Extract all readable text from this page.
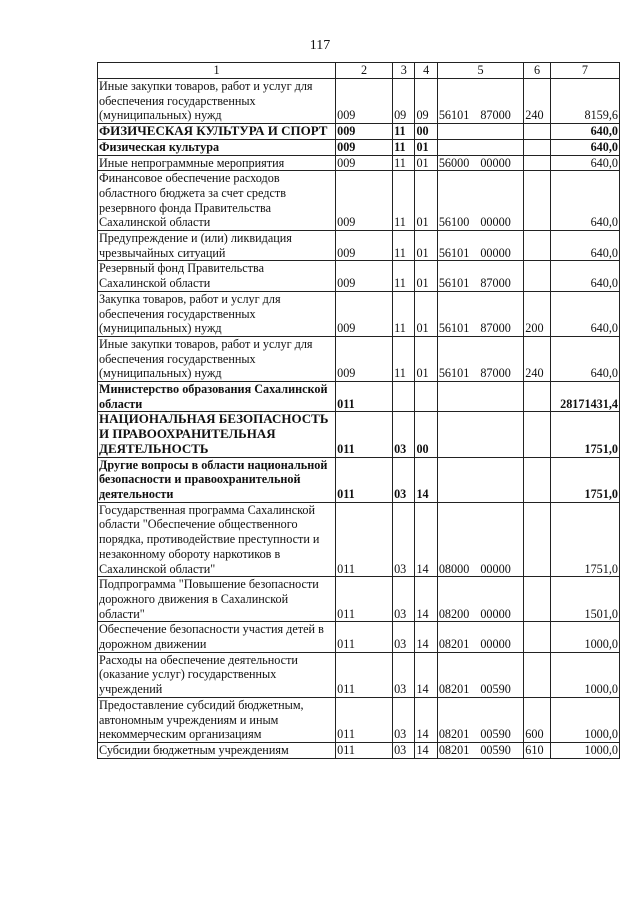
117
1	2	3	4	5	6	7
Иные закупки товаров, работ и услуг для обеспечения государственных (муниципальных) нужд	009	09	09	56101 87000	240	8159,6
ФИЗИЧЕСКАЯ КУЛЬТУРА И СПОРТ	009	11	00			640,0
Физическая культура	009	11	01			640,0
Иные непрограммные мероприятия	009	11	01	56000 00000		640,0
Финансовое обеспечение расходов областного бюджета за счет средств резервного фонда Правительства Сахалинской области	009	11	01	56100 00000		640,0
Предупреждение и (или) ликвидация чрезвычайных ситуаций	009	11	01	56101 00000		640,0
Резервный фонд Правительства Сахалинской области	009	11	01	56101 87000		640,0
Закупка товаров, работ и услуг для обеспечения государственных (муниципальных) нужд	009	11	01	56101 87000	200	640,0
Иные закупки товаров, работ и услуг для обеспечения государственных (муниципальных) нужд	009	11	01	56101 87000	240	640,0
Министерство образования Сахалинской области	011					28171431,4
НАЦИОНАЛЬНАЯ БЕЗОПАСНОСТЬ И ПРАВООХРАНИТЕЛЬНАЯ ДЕЯТЕЛЬНОСТЬ	011	03	00			1751,0
Другие вопросы в области национальной безопасности и правоохранительной деятельности	011	03	14			1751,0
Государственная программа Сахалинской области "Обеспечение общественного порядка, противодействие преступности и незаконному обороту наркотиков в Сахалинской области"	011	03	14	08000 00000		1751,0
Подпрограмма "Повышение безопасности дорожного движения в Сахалинской области"	011	03	14	08200 00000		1501,0
Обеспечение безопасности участия детей в дорожном движении	011	03	14	08201 00000		1000,0
Расходы на обеспечение деятельности (оказание услуг) государственных учреждений	011	03	14	08201 00590		1000,0
Предоставление субсидий бюджетным, автономным учреждениям и иным некоммерческим организациям	011	03	14	08201 00590	600	1000,0
Субсидии бюджетным учреждениям	011	03	14	08201 00590	610	1000,0
